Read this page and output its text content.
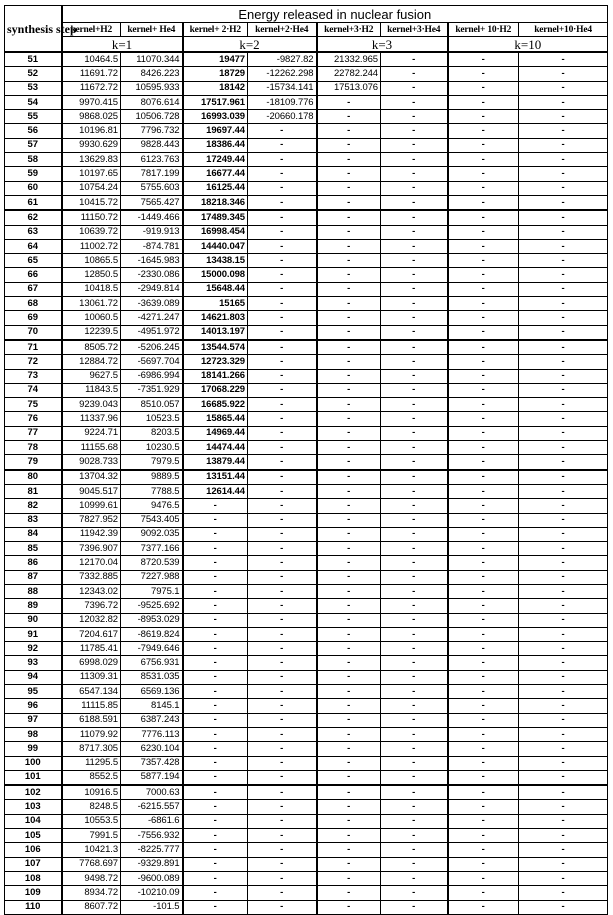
synthesis step	Energy released in nuclear fusion							
	kernel+H2	kernel+ He4	kernel+ 2·H2	kernel+2·He4	kernel+3·H2	kernel+3·He4	kernel+ 10·H2	kernel+10·He4
	k=1		k=2		k=3		k=10	
51	10464.5	11070.344	19477	-9827.82	21332.965	-	-	-
52	11691.72	8426.223	18729	-12262.298	22782.244	-	-	-
53	11672.72	10595.933	18142	-15734.141	17513.076	-	-	-
54	9970.415	8076.614	17517.961	-18109.776	-	-	-	-
55	9868.025	10506.728	16993.039	-20660.178	-	-	-	-
56	10196.81	7796.732	19697.44	-	-	-	-	-
57	9930.629	9828.443	18386.44	-	-	-	-	-
58	13629.83	6123.763	17249.44	-	-	-	-	-
59	10197.65	7817.199	16677.44	-	-	-	-	-
60	10754.24	5755.603	16125.44	-	-	-	-	-
61	10415.72	7565.427	18218.346	-	-	-	-	-
62	11150.72	-1449.466	17489.345	-	-	-	-	-
63	10639.72	-919.913	16998.454	-	-	-	-	-
64	11002.72	-874.781	14440.047	-	-	-	-	-
65	10865.5	-1645.983	13438.15	-	-	-	-	-
66	12850.5	-2330.086	15000.098	-	-	-	-	-
67	10418.5	-2949.814	15648.44	-	-	-	-	-
68	13061.72	-3639.089	15165	-	-	-	-	-
69	10060.5	-4271.247	14621.803	-	-	-	-	-
70	12239.5	-4951.972	14013.197	-	-	-	-	-
71	8505.72	-5206.245	13544.574	-	-	-	-	-
72	12884.72	-5697.704	12723.329	-	-	-	-	-
73	9627.5	-6986.994	18141.266	-	-	-	-	-
74	11843.5	-7351.929	17068.229	-	-	-	-	-
75	9239.043	8510.057	16685.922	-	-	-	-	-
76	11337.96	10523.5	15865.44	-	-	-	-	-
77	9224.71	8203.5	14969.44	-	-	-	-	-
78	11155.68	10230.5	14474.44	-	-	-	-	-
79	9028.733	7979.5	13879.44	-	-	-	-	-
80	13704.32	9889.5	13151.44	-	-	-	-	-
81	9045.517	7788.5	12614.44	-	-	-	-	-
82	10999.61	9476.5	-	-	-	-	-	-
83	7827.952	7543.405	-	-	-	-	-	-
84	11942.39	9092.035	-	-	-	-	-	-
85	7396.907	7377.166	-	-	-	-	-	-
86	12170.04	8720.539	-	-	-	-	-	-
87	7332.885	7227.988	-	-	-	-	-	-
88	12343.02	7975.1	-	-	-	-	-	-
89	7396.72	-9525.692	-	-	-	-	-	-
90	12032.82	-8953.029	-	-	-	-	-	-
91	7204.617	-8619.824	-	-	-	-	-	-
92	11785.41	-7949.646	-	-	-	-	-	-
93	6998.029	6756.931	-	-	-	-	-	-
94	11309.31	8531.035	-	-	-	-	-	-
95	6547.134	6569.136	-	-	-	-	-	-
96	11115.85	8145.1	-	-	-	-	-	-
97	6188.591	6387.243	-	-	-	-	-	-
98	11079.92	7776.113	-	-	-	-	-	-
99	8717.305	6230.104	-	-	-	-	-	-
100	11295.5	7357.428	-	-	-	-	-	-
101	8552.5	5877.194	-	-	-	-	-	-
102	10916.5	7000.63	-	-	-	-	-	-
103	8248.5	-6215.557	-	-	-	-	-	-
104	10553.5	-6861.6	-	-	-	-	-	-
105	7991.5	-7556.932	-	-	-	-	-	-
106	10421.3	-8225.777	-	-	-	-	-	-
107	7768.697	-9329.891	-	-	-	-	-	-
108	9498.72	-9600.089	-	-	-	-	-	-
109	8934.72	-10210.09	-	-	-	-	-	-
110	8607.72	-101.5	-	-	-	-	-	-
